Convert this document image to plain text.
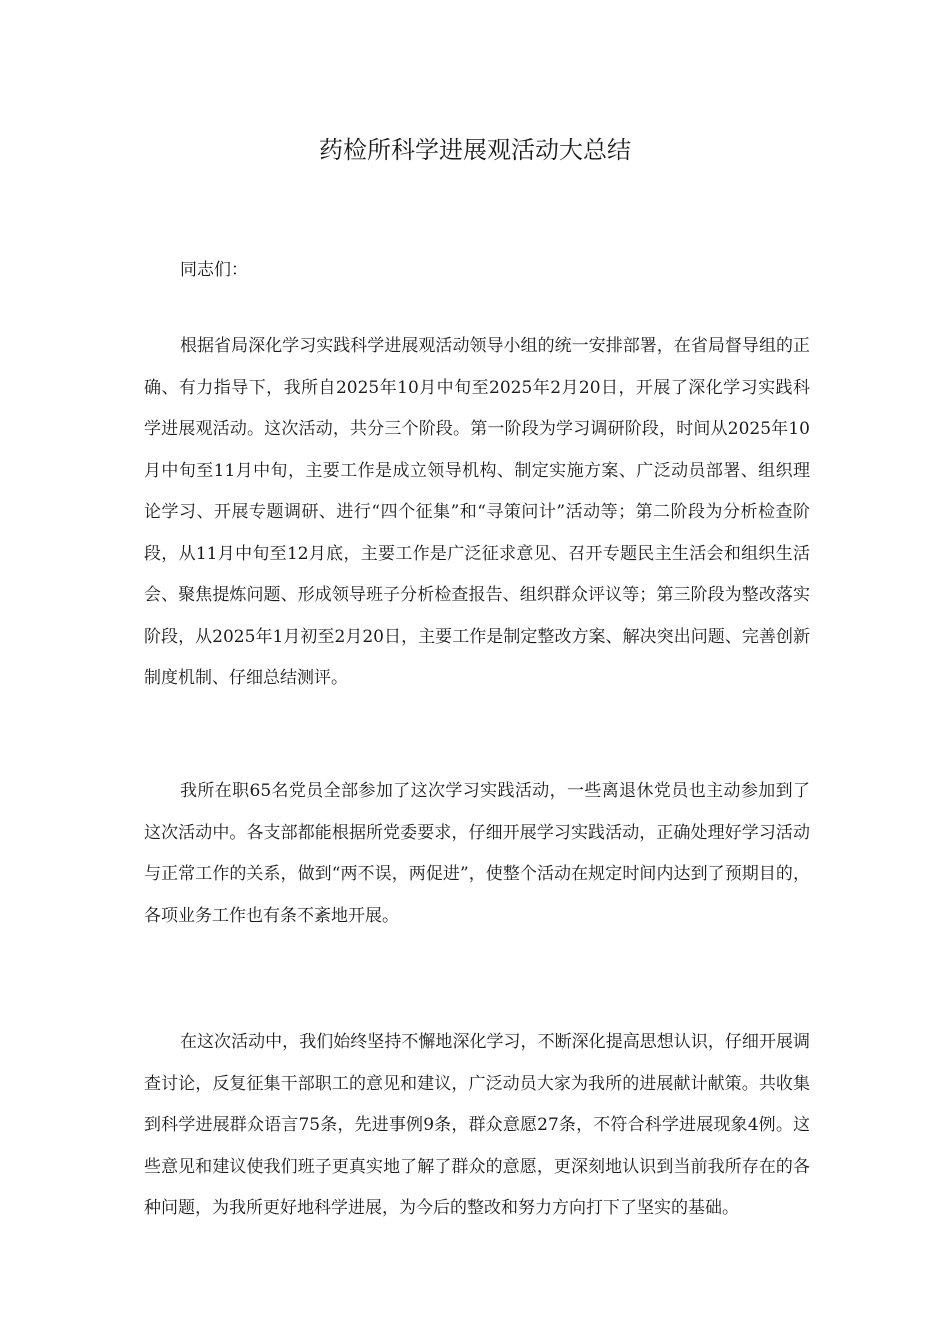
药检所科学进展观活动大总结

同志们：

根据省局深化学习实践科学进展观活动领导小组的统一安排部署，在省局督导组的正确、有力指导下，我所自2025年10月中旬至2025年2月20日，开展了深化学习实践科学进展观活动。这次活动，共分三个阶段。第一阶段为学习调研阶段，时间从2025年10月中旬至11月中旬，主要工作是成立领导机构、制定实施方案、广泛动员部署、组织理论学习、开展专题调研、进行“四个征集”和“寻策问计”活动等；第二阶段为分析检查阶段，从11月中旬至12月底，主要工作是广泛征求意见、召开专题民主生活会和组织生活会、聚焦提炼问题、形成领导班子分析检查报告、组织群众评议等；第三阶段为整改落实阶段，从2025年1月初至2月20日，主要工作是制定整改方案、解决突出问题、完善创新制度机制、仔细总结测评。

我所在职65名党员全部参加了这次学习实践活动，一些离退休党员也主动参加到了这次活动中。各支部都能根据所党委要求，仔细开展学习实践活动，正确处理好学习活动与正常工作的关系，做到“两不误，两促进”，使整个活动在规定时间内达到了预期目的，各项业务工作也有条不紊地开展。

在这次活动中，我们始终坚持不懈地深化学习，不断深化提高思想认识，仔细开展调查讨论，反复征集干部职工的意见和建议，广泛动员大家为我所的进展献计献策。共收集到科学进展群众语言75条，先进事例9条，群众意愿27条，不符合科学进展现象4例。这些意见和建议使我们班子更真实地了解了群众的意愿，更深刻地认识到当前我所存在的各种问题，为我所更好地科学进展，为今后的整改和努力方向打下了坚实的基础。
